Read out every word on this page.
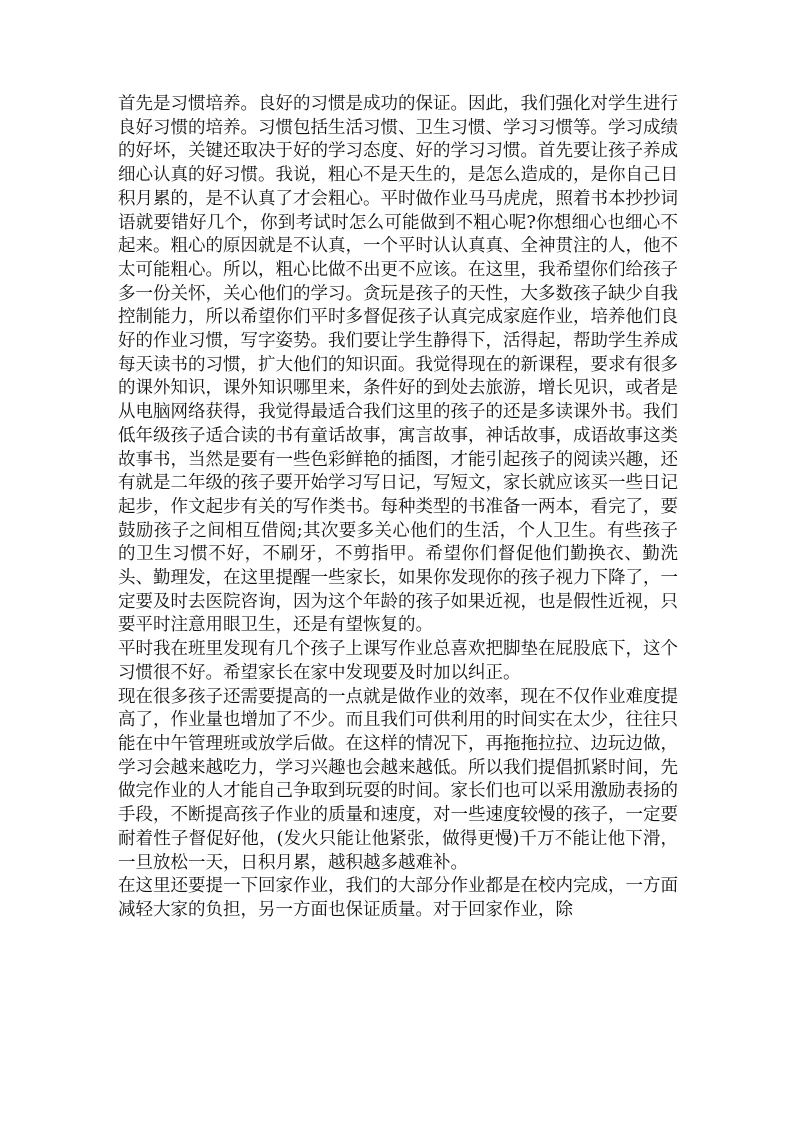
首先是习惯培养。良好的习惯是成功的保证。因此，我们强化对学生进行良好习惯的培养。习惯包括生活习惯、卫生习惯、学习习惯等。学习成绩的好坏，关键还取决于好的学习态度、好的学习习惯。首先要让孩子养成细心认真的好习惯。我说，粗心不是天生的，是怎么造成的，是你自己日积月累的，是不认真了才会粗心。平时做作业马马虎虎，照着书本抄抄词语就要错好几个，你到考试时怎么可能做到不粗心呢?你想细心也细心不起来。粗心的原因就是不认真，一个平时认认真真、全神贯注的人，他不太可能粗心。所以，粗心比做不出更不应该。在这里，我希望你们给孩子多一份关怀，关心他们的学习。贪玩是孩子的天性，大多数孩子缺少自我控制能力，所以希望你们平时多督促孩子认真完成家庭作业，培养他们良好的作业习惯，写字姿势。我们要让学生静得下，活得起，帮助学生养成每天读书的习惯，扩大他们的知识面。我觉得现在的新课程，要求有很多的课外知识，课外知识哪里来，条件好的到处去旅游，增长见识，或者是从电脑网络获得，我觉得最适合我们这里的孩子的还是多读课外书。我们低年级孩子适合读的书有童话故事，寓言故事，神话故事，成语故事这类故事书，当然是要有一些色彩鲜艳的插图，才能引起孩子的阅读兴趣，还有就是二年级的孩子要开始学习写日记，写短文，家长就应该买一些日记起步，作文起步有关的写作类书。每种类型的书准备一两本，看完了，要鼓励孩子之间相互借阅;其次要多关心他们的生活，个人卫生。有些孩子的卫生习惯不好，不刷牙，不剪指甲。希望你们督促他们勤换衣、勤洗头、勤理发，在这里提醒一些家长，如果你发现你的孩子视力下降了，一定要及时去医院咨询，因为这个年龄的孩子如果近视，也是假性近视，只要平时注意用眼卫生，还是有望恢复的。

平时我在班里发现有几个孩子上课写作业总喜欢把脚垫在屁股底下，这个习惯很不好。希望家长在家中发现要及时加以纠正。

现在很多孩子还需要提高的一点就是做作业的效率，现在不仅作业难度提高了，作业量也增加了不少。而且我们可供利用的时间实在太少，往往只能在中午管理班或放学后做。在这样的情况下，再拖拖拉拉、边玩边做，学习会越来越吃力，学习兴趣也会越来越低。所以我们提倡抓紧时间，先做完作业的人才能自己争取到玩耍的时间。家长们也可以采用激励表扬的手段，不断提高孩子作业的质量和速度，对一些速度较慢的孩子，一定要耐着性子督促好他，(发火只能让他紧张，做得更慢)千万不能让他下滑，一旦放松一天，日积月累，越积越多越难补。

在这里还要提一下回家作业，我们的大部分作业都是在校内完成，一方面减轻大家的负担，另一方面也保证质量。对于回家作业，除
